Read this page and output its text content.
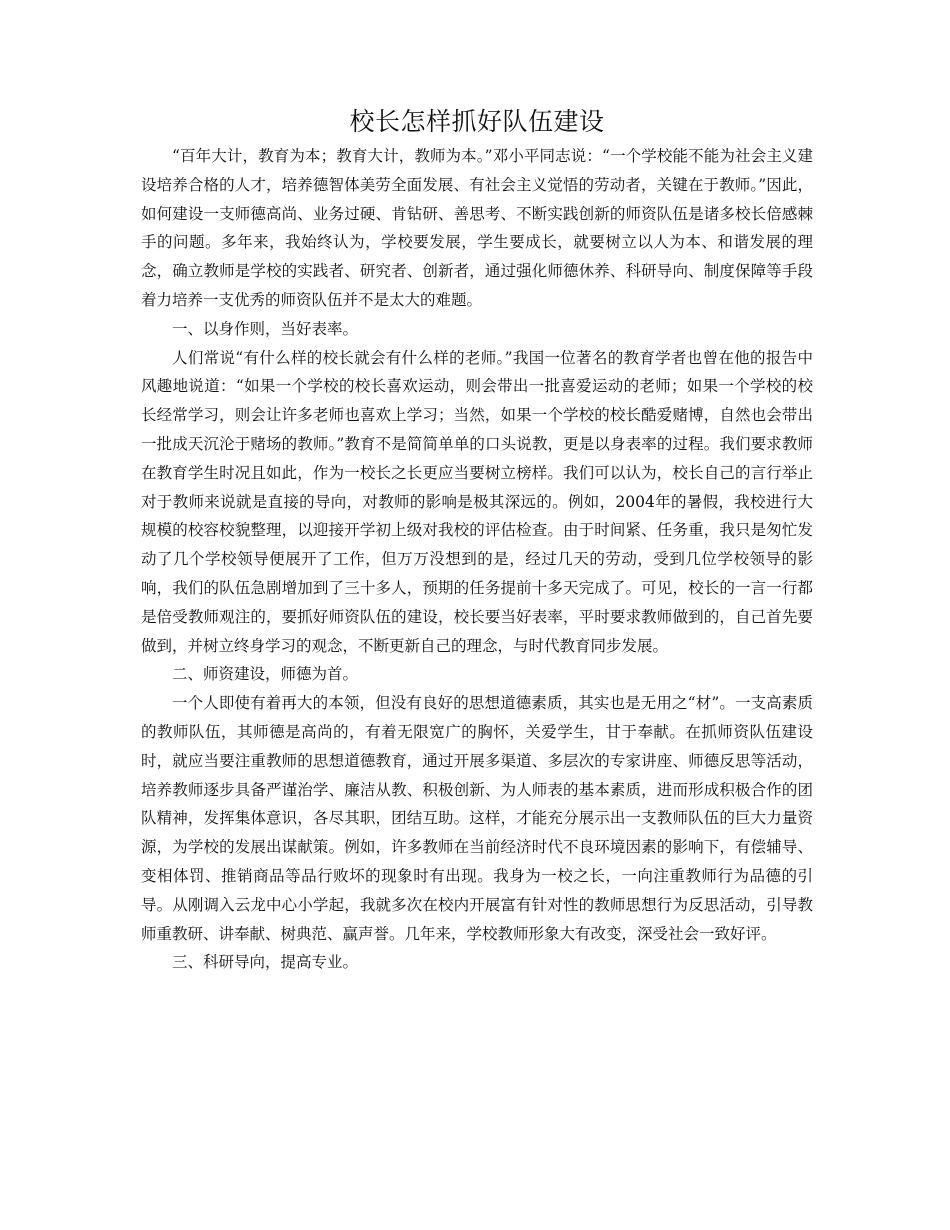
校长怎样抓好队伍建设

“百年大计，教育为本；教育大计，教师为本。”邓小平同志说：“一个学校能不能为社会主义建设培养合格的人才，培养德智体美劳全面发展、有社会主义觉悟的劳动者，关键在于教师。”因此，如何建设一支师德高尚、业务过硬、肯钻研、善思考、不断实践创新的师资队伍是诸多校长倍感棘手的问题。多年来，我始终认为，学校要发展，学生要成长，就要树立以人为本、和谐发展的理念，确立教师是学校的实践者、研究者、创新者，通过强化师德休养、科研导向、制度保障等手段着力培养一支优秀的师资队伍并不是太大的难题。

一、以身作则，当好表率。

人们常说“有什么样的校长就会有什么样的老师。”我国一位著名的教育学者也曾在他的报告中风趣地说道：“如果一个学校的校长喜欢运动，则会带出一批喜爱运动的老师；如果一个学校的校长经常学习，则会让许多老师也喜欢上学习；当然，如果一个学校的校长酷爱赌博，自然也会带出一批成天沉沦于赌场的教师。”教育不是简简单单的口头说教，更是以身表率的过程。我们要求教师在教育学生时况且如此，作为一校长之长更应当要树立榜样。我们可以认为，校长自己的言行举止对于教师来说就是直接的导向，对教师的影响是极其深远的。例如，2004年的暑假，我校进行大规模的校容校貌整理，以迎接开学初上级对我校的评估检查。由于时间紧、任务重，我只是匆忙发动了几个学校领导便展开了工作，但万万没想到的是，经过几天的劳动，受到几位学校领导的影响，我们的队伍急剧增加到了三十多人，预期的任务提前十多天完成了。可见，校长的一言一行都是倍受教师观注的，要抓好师资队伍的建设，校长要当好表率，平时要求教师做到的，自己首先要做到，并树立终身学习的观念，不断更新自己的理念，与时代教育同步发展。

二、师资建设，师德为首。

一个人即使有着再大的本领，但没有良好的思想道德素质，其实也是无用之“材”。一支高素质的教师队伍，其师德是高尚的，有着无限宽广的胸怀，关爱学生，甘于奉献。在抓师资队伍建设时，就应当要注重教师的思想道德教育，通过开展多渠道、多层次的专家讲座、师德反思等活动，培养教师逐步具备严谨治学、廉洁从教、积极创新、为人师表的基本素质，进而形成积极合作的团队精神，发挥集体意识，各尽其职，团结互助。这样，才能充分展示出一支教师队伍的巨大力量资源，为学校的发展出谋献策。例如，许多教师在当前经济时代不良环境因素的影响下，有偿辅导、变相体罚、推销商品等品行败坏的现象时有出现。我身为一校之长，一向注重教师行为品德的引导。从刚调入云龙中心小学起，我就多次在校内开展富有针对性的教师思想行为反思活动，引导教师重教研、讲奉献、树典范、赢声誉。几年来，学校教师形象大有改变，深受社会一致好评。

三、科研导向，提高专业。
